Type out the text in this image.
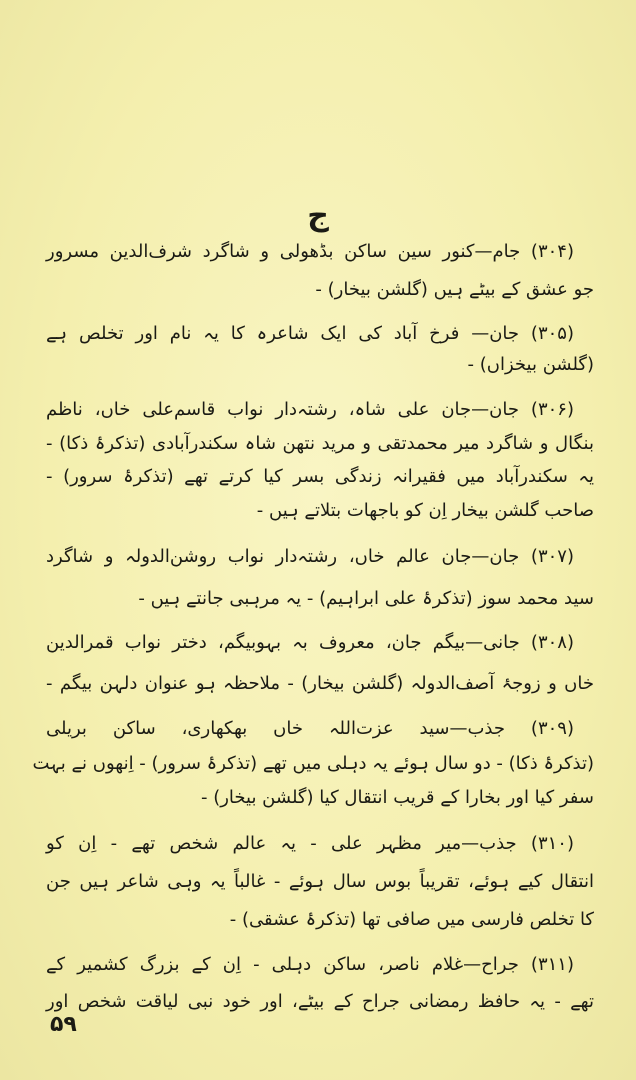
ج
(۳۰۴) جام—کنور سین ساکن بڈھولی و شاگرد شرف‌الدین مسرور
جو عشق کے بیٹے ہیں (گلشن بیخار) -
(۳۰۵) جان— فرخ آباد کی ایک شاعرہ کا یہ نام اور تخلص ہے
(گلشن بیخزاں) -
(۳۰۶) جان—جان علی شاہ، رشتہ‌دار نواب قاسم‌علی خاں، ناظم
بنگال و شاگرد میر محمدتقی و مرید نتھن شاہ سکندرآبادی (تذکرۂ ذکا) -
یہ سکندرآباد میں فقیرانہ زندگی بسر کیا کرتے تھے (تذکرۂ سرور) -
صاحب گلشن بیخار اِن کو باجهات بتلاتے ہیں -
(۳۰۷) جان—جان عالم خاں، رشتہ‌دار نواب روشن‌الدولہ و شاگرد
سید محمد سوز (تذکرۂ علی ابراہیم) - یہ مرہبی جانتے ہیں -
(۳۰۸) جانی—بیگم جان، معروف بہ بہوبیگم، دختر نواب قمرالدین
خاں و زوجۂ آصف‌الدولہ (گلشن بیخار) - ملاحظہ ہو عنوان دلہن بیگم -
(۳۰۹) جذب—سید عزت‌اللہ خاں بھکھاری، ساکن بریلی
(تذکرۂ ذکا) - دو سال ہوئے یہ دہلی میں تھے (تذکرۂ سرور) - اِنھوں نے بہت
سفر کیا اور بخارا کے قریب انتقال کیا (گلشن بیخار) -
(۳۱۰) جذب—میر مظہر علی - یہ عالم شخص تھے - اِن کو
انتقال کیے ہوئے، تقریباً بوس سال ہوئے - غالباً یہ وہی شاعر ہیں جن
کا تخلص فارسی میں صافی تھا (تذکرۂ عشقی) -
(۳۱۱) جراح—غلام ناصر، ساکن دہلی - اِن کے بزرگ کشمیر کے
تھے - یہ حافظ رمضانی جراح کے بیٹے، اور خود نبی لیاقت شخص اور
۵۹
